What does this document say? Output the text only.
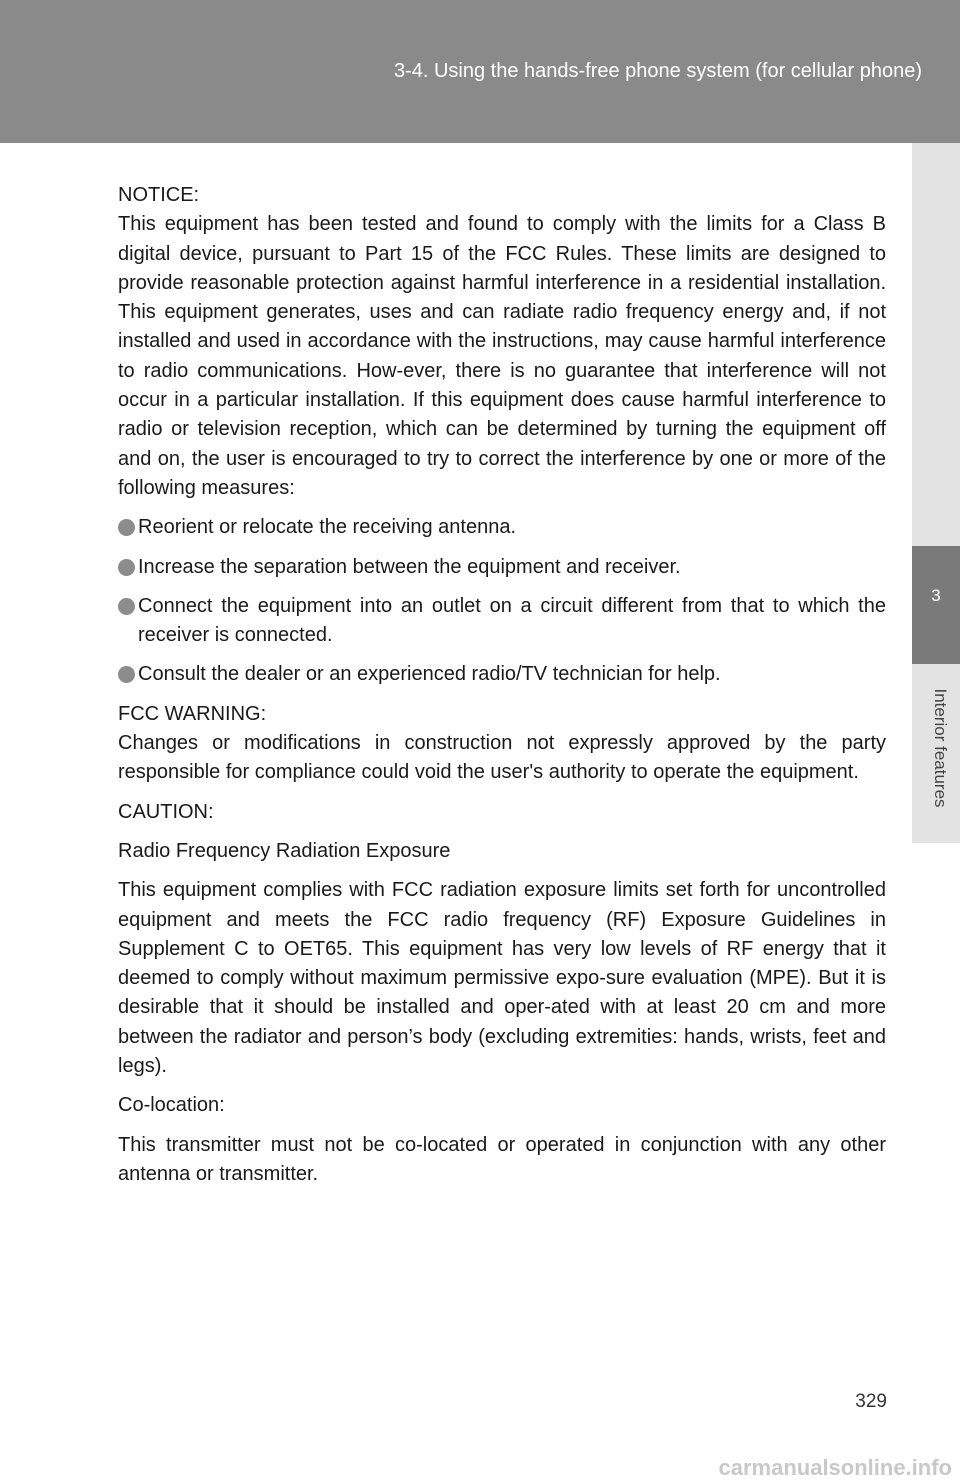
3-4. Using the hands-free phone system (for cellular phone)
3
Interior features

NOTICE:

This equipment has been tested and found to comply with the limits for a Class B digital device, pursuant to Part 15 of the FCC Rules. These limits are designed to provide reasonable protection against harmful interference in a residential installation. This equipment generates, uses and can radiate radio frequency energy and, if not installed and used in accordance with the instructions, may cause harmful interference to radio communications. How-ever, there is no guarantee that interference will not occur in a particular installation. If this equipment does cause harmful interference to radio or television reception, which can be determined by turning the equipment off and on, the user is encouraged to try to correct the interference by one or more of the following measures:

Reorient or relocate the receiving antenna.
Increase the separation between the equipment and receiver.
Connect the equipment into an outlet on a circuit different from that to which the receiver is connected.
Consult the dealer or an experienced radio/TV technician for help.

FCC WARNING:

Changes or modifications in construction not expressly approved by the party responsible for compliance could void the user's authority to operate the equipment.

CAUTION:

Radio Frequency Radiation Exposure

This equipment complies with FCC radiation exposure limits set forth for uncontrolled equipment and meets the FCC radio frequency (RF) Exposure Guidelines in Supplement C to OET65. This equipment has very low levels of RF energy that it deemed to comply without maximum permissive expo-sure evaluation (MPE). But it is desirable that it should be installed and oper-ated with at least 20 cm and more between the radiator and person’s body (excluding extremities: hands, wrists, feet and legs).

Co-location:

This transmitter must not be co-located or operated in conjunction with any other antenna or transmitter.

329
carmanualsonline.info
